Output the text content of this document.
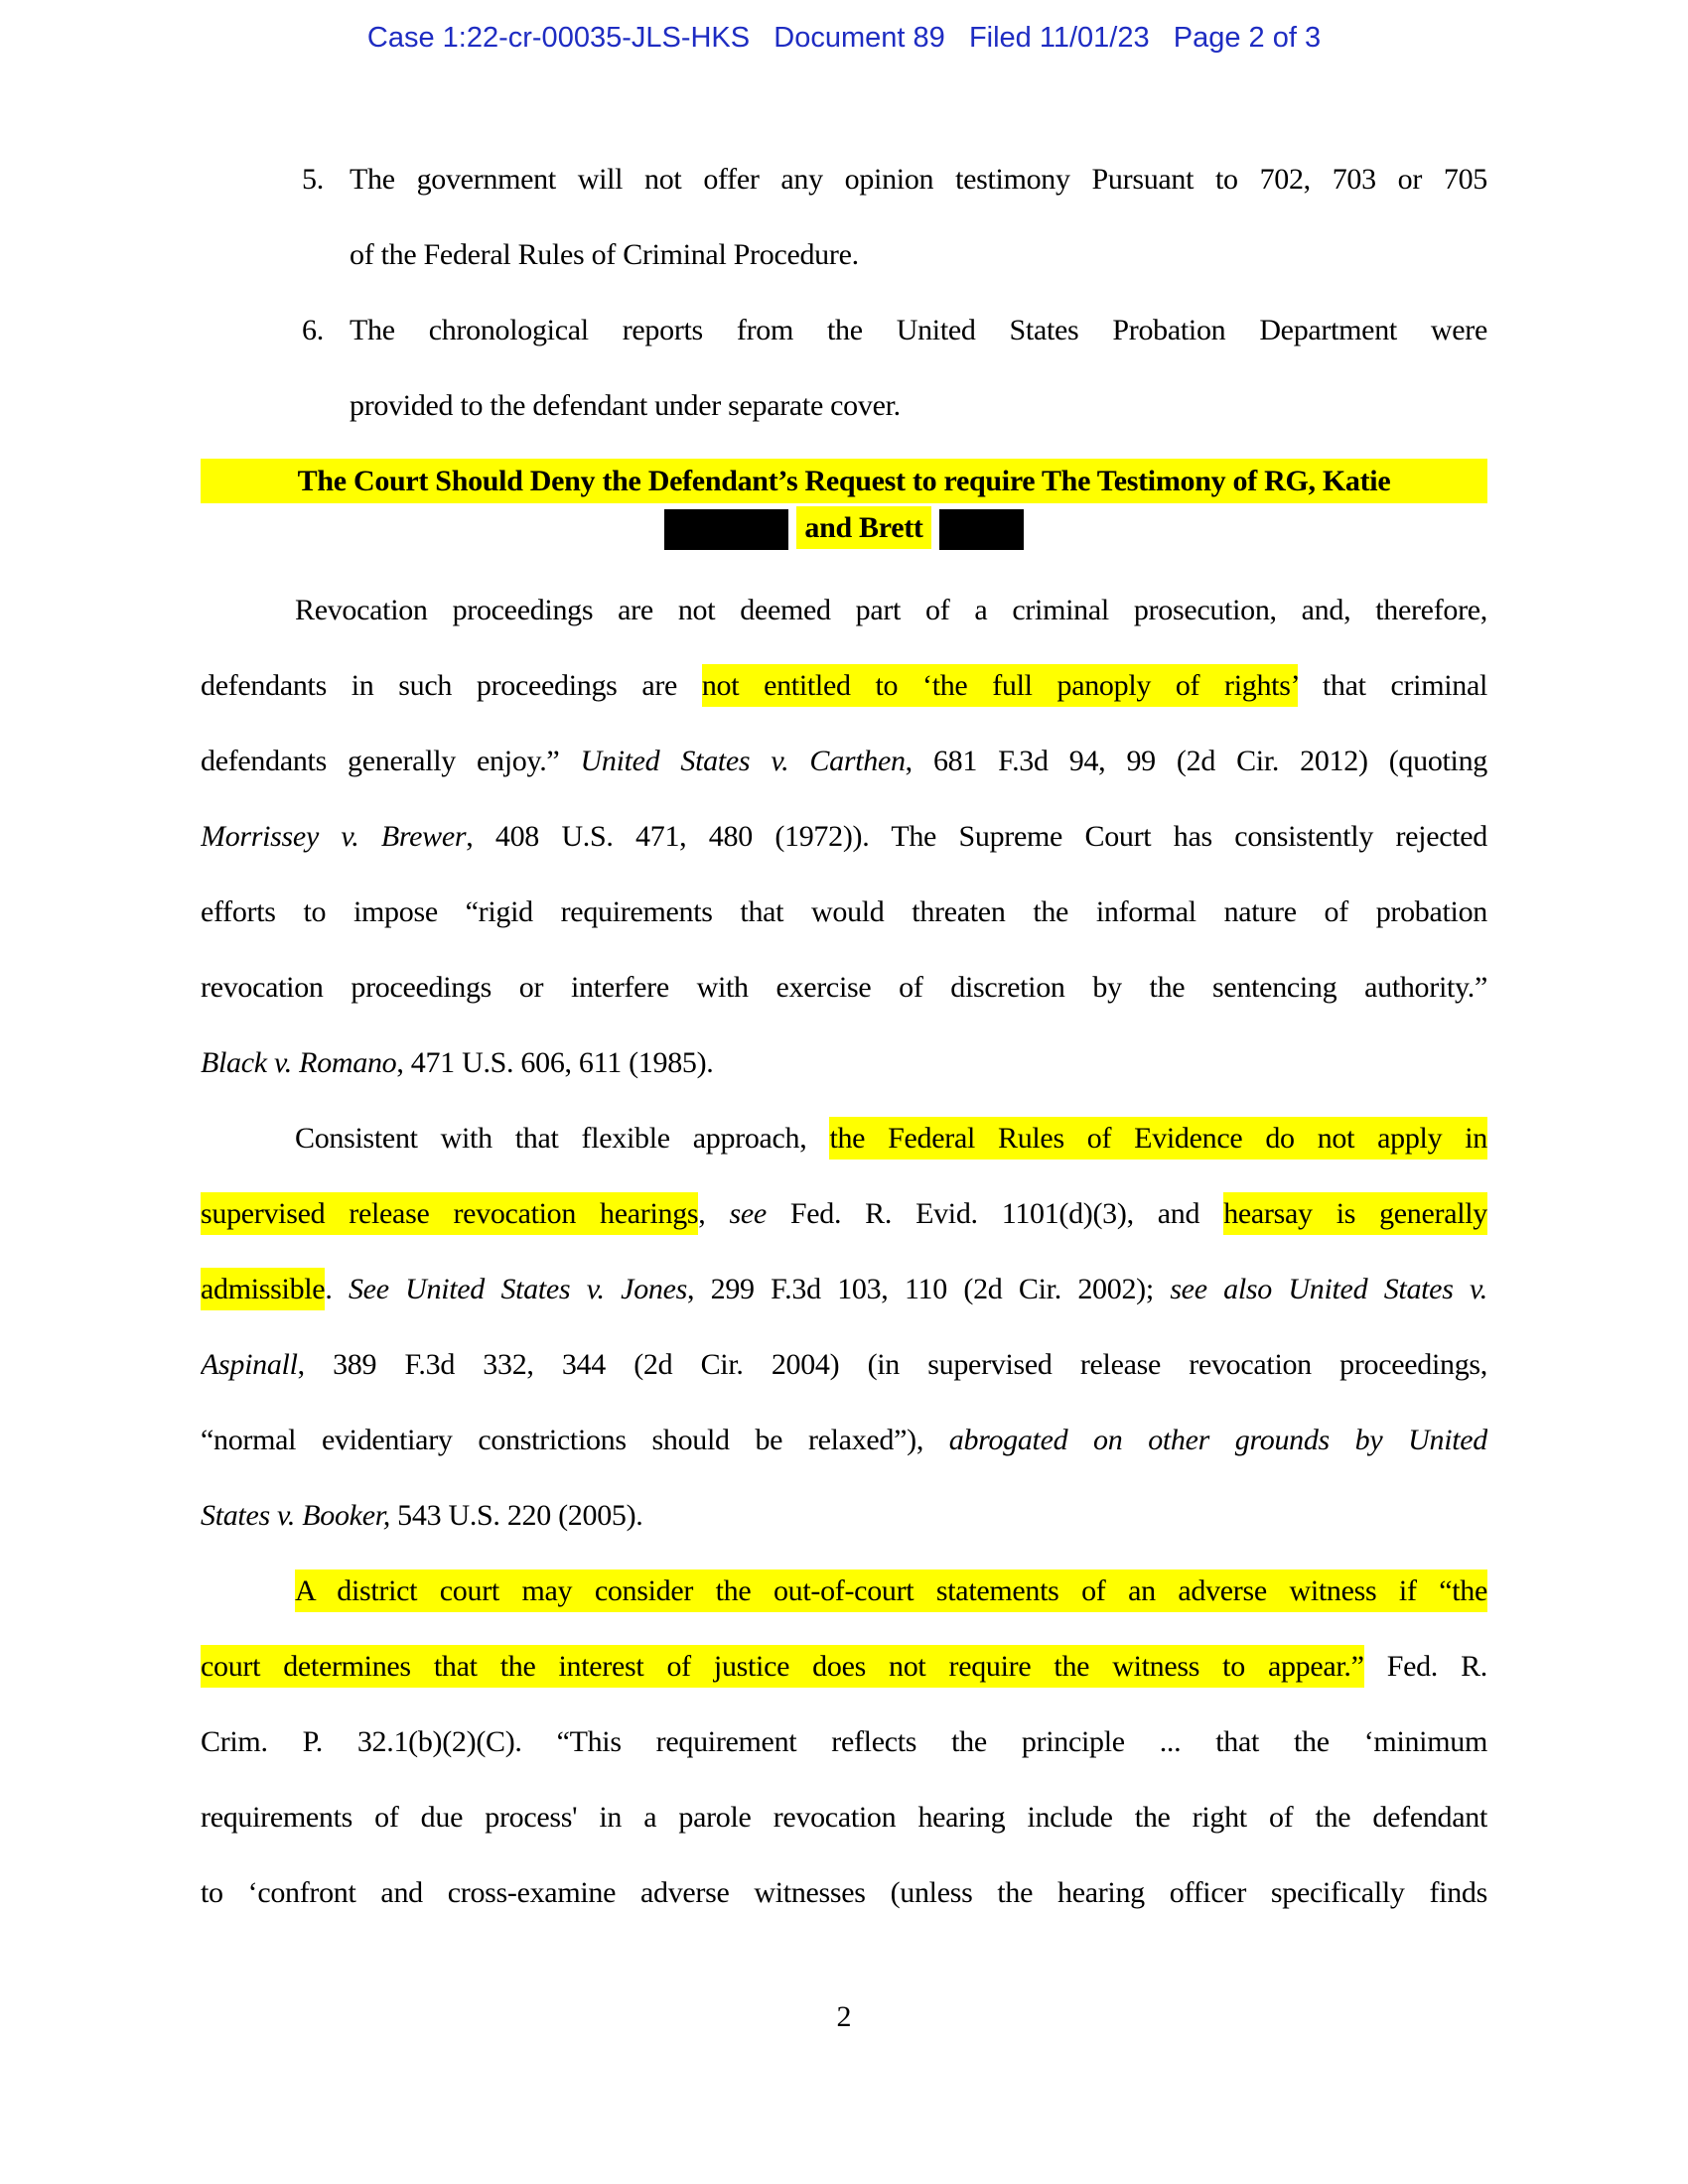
Case 1:22-cr-00035-JLS-HKS   Document 89   Filed 11/01/23   Page 2 of 3
5. The government will not offer any opinion testimony Pursuant to 702, 703 or 705
of the Federal Rules of Criminal Procedure.
6. The chronological reports from the United States Probation Department were
provided to the defendant under separate cover.
The Court Should Deny the Defendant’s Request to require The Testimony of RG, Katie
and Brett
Revocation proceedings are not deemed part of a criminal prosecution, and, therefore,
defendants in such proceedings are not entitled to ‘the full panoply of rights’ that criminal
defendants generally enjoy.” United States v. Carthen, 681 F.3d 94, 99 (2d Cir. 2012) (quoting
Morrissey v. Brewer, 408 U.S. 471, 480 (1972)). The Supreme Court has consistently rejected
efforts to impose “rigid requirements that would threaten the informal nature of probation
revocation proceedings or interfere with exercise of discretion by the sentencing authority.”
Black v. Romano, 471 U.S. 606, 611 (1985).
Consistent with that flexible approach, the Federal Rules of Evidence do not apply in
supervised release revocation hearings, see Fed. R. Evid. 1101(d)(3), and hearsay is generally
admissible. See United States v. Jones, 299 F.3d 103, 110 (2d Cir. 2002); see also United States v.
Aspinall, 389 F.3d 332, 344 (2d Cir. 2004) (in supervised release revocation proceedings,
“normal evidentiary constrictions should be relaxed”), abrogated on other grounds by United
States v. Booker, 543 U.S. 220 (2005).
A district court may consider the out-of-court statements of an adverse witness if “the
court determines that the interest of justice does not require the witness to appear.” Fed. R.
Crim. P. 32.1(b)(2)(C). “This requirement reflects the principle ... that the ‘minimum
requirements of due process' in a parole revocation hearing include the right of the defendant
to ‘confront and cross-examine adverse witnesses (unless the hearing officer specifically finds
2
